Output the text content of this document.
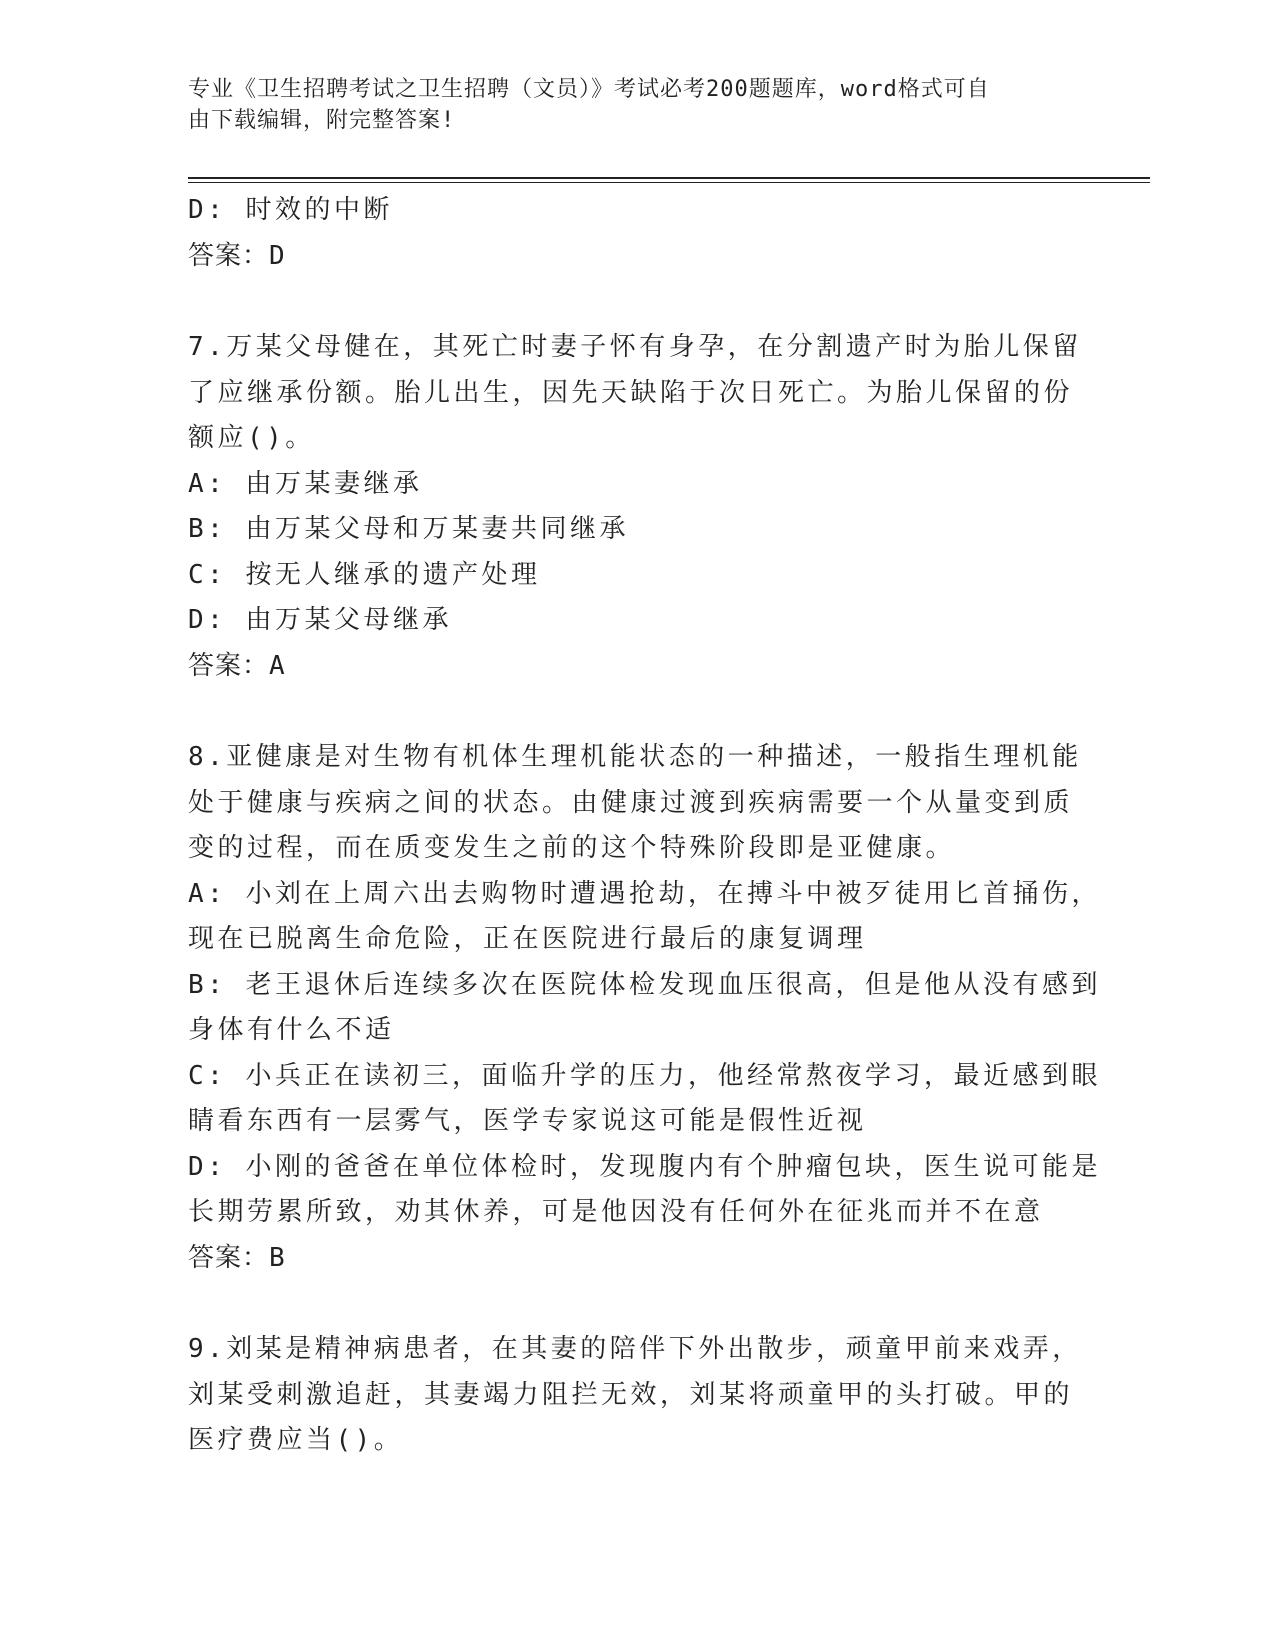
专业《卫生招聘考试之卫生招聘（文员）》考试必考200题题库，word格式可自
由下载编辑，附完整答案!
D: 时效的中断
答案：D
7.万某父母健在，其死亡时妻子怀有身孕，在分割遗产时为胎儿保留
了应继承份额。胎儿出生，因先天缺陷于次日死亡。为胎儿保留的份
额应()。
A: 由万某妻继承
B: 由万某父母和万某妻共同继承
C: 按无人继承的遗产处理
D: 由万某父母继承
答案：A
8.亚健康是对生物有机体生理机能状态的一种描述，一般指生理机能
处于健康与疾病之间的状态。由健康过渡到疾病需要一个从量变到质
变的过程，而在质变发生之前的这个特殊阶段即是亚健康。
A: 小刘在上周六出去购物时遭遇抢劫，在搏斗中被歹徒用匕首捅伤，
现在已脱离生命危险，正在医院进行最后的康复调理
B: 老王退休后连续多次在医院体检发现血压很高，但是他从没有感到
身体有什么不适
C: 小兵正在读初三，面临升学的压力，他经常熬夜学习，最近感到眼
睛看东西有一层雾气，医学专家说这可能是假性近视
D: 小刚的爸爸在单位体检时，发现腹内有个肿瘤包块，医生说可能是
长期劳累所致，劝其休养，可是他因没有任何外在征兆而并不在意
答案：B
9.刘某是精神病患者，在其妻的陪伴下外出散步，顽童甲前来戏弄，
刘某受刺激追赶，其妻竭力阻拦无效，刘某将顽童甲的头打破。甲的
医疗费应当()。
